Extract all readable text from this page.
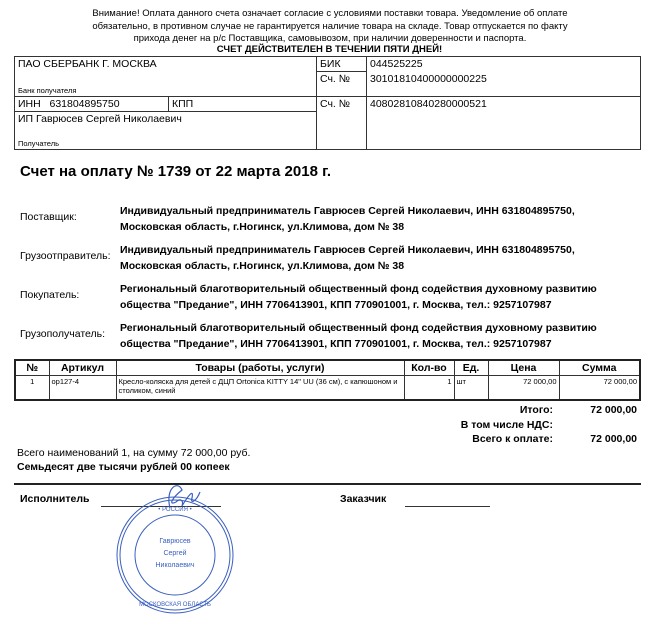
Внимание! Оплата данного счета означает согласие с условиями поставки товара. Уведомление об оплате обязательно, в противном случае не гарантируется наличие товара на складе. Товар отпускается по факту прихода денег на р/с Поставщика, самовывозом, при наличии доверенности и паспорта.
СЧЕТ ДЕЙСТВИТЕЛЕН В ТЕЧЕНИИ ПЯТИ ДНЕЙ!
ПАО СБЕРБАНК Г. МОСКВА
Банк получателя		БИК	044525225
		Сч. №	30101810400000000225
ИНН 631804895750	КПП	Сч. №	40802810840280000521
ИП Гаврюсев Сергей Николаевич
Получатель			
Счет на оплату № 1739 от 22 марта 2018 г.
Поставщик:	Индивидуальный предприниматель Гаврюсев Сергей Николаевич, ИНН 631804895750, Московская область, г.Ногинск, ул.Климова, дом № 38
Грузоотправитель: Индивидуальный предприниматель Гаврюсев Сергей Николаевич, ИНН 631804895750, Московская область, г.Ногинск, ул.Климова, дом № 38
Покупатель:	Региональный благотворительный общественный фонд содействия духовному развитию общества "Предание", ИНН 7706413901, КПП 770901001, г. Москва, тел.: 9257107987
Грузополучатель: Региональный благотворительный общественный фонд содействия духовному развитию общества "Предание", ИНН 7706413901, КПП 770901001, г. Москва, тел.: 9257107987
№	Артикул	Товары (работы, услуги)	Кол-во	Ед.	Цена	Сумма
1	op127-4	Кресло-коляска для детей с ДЦП Ortonica KITTY 14" UU (36 см), с капюшоном и столиком, синий	1	шт	72 000,00	72 000,00
Итого:	72 000,00
В том числе НДС:
Всего к оплате:	72 000,00
Всего наименований 1, на сумму 72 000,00 руб.
Семьдесят две тысячи рублей 00 копеек
Исполнитель	Заказчик
Гаврюсев
Сергей
Николаевич
• РОССИЯ •
МОСКОВСКАЯ ОБЛАСТЬ
